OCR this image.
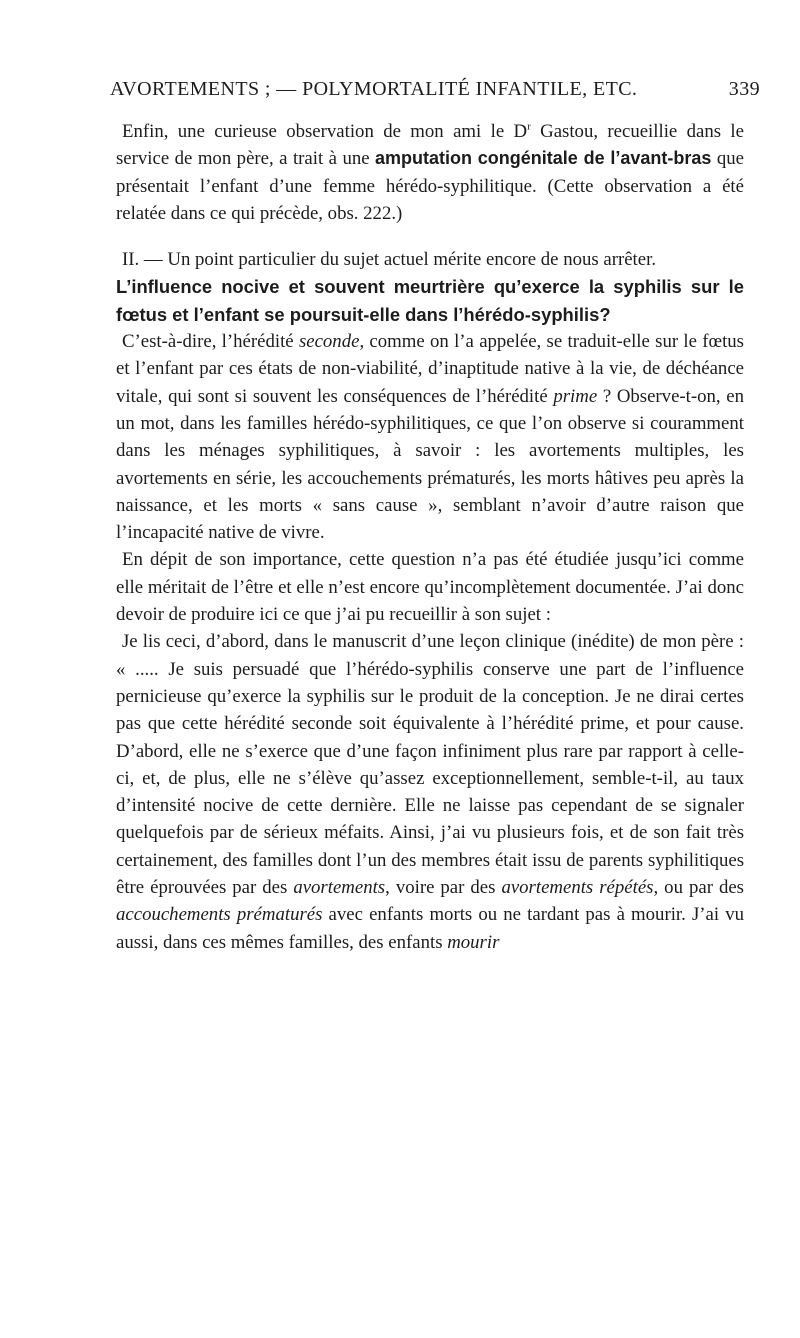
AVORTEMENTS ; — POLYMORTALITÉ INFANTILE, ETC.	339

Enfin, une curieuse observation de mon ami le $D^r$ Gastou, recueillie dans le service de mon père, a trait à une amputation congénitale de l’avant-bras que présentait l’enfant d’une femme hérédo-syphilitique. (Cette observation a été relatée dans ce qui précède, obs. 222.)

II. — Un point particulier du sujet actuel mérite encore de nous arrêter.

L’influence nocive et souvent meurtrière qu’exerce la syphilis sur le fœtus et l’enfant se poursuit-elle dans l’hérédo-syphilis?

C’est-à-dire, l’hérédité seconde, comme on l’a appelée, se traduit-elle sur le fœtus et l’enfant par ces états de non-viabilité, d’inaptitude native à la vie, de déchéance vitale, qui sont si souvent les conséquences de l’hérédité prime ? Observe-t-on, en un mot, dans les familles hérédo-syphilitiques, ce que l’on observe si couramment dans les ménages syphilitiques, à savoir : les avortements multiples, les avortements en série, les accouchements prématurés, les morts hâtives peu après la naissance, et les morts « sans cause », semblant n’avoir d’autre raison que l’incapacité native de vivre.

En dépit de son importance, cette question n’a pas été étudiée jusqu’ici comme elle méritait de l’être et elle n’est encore qu’incomplètement documentée. J’ai donc devoir de produire ici ce que j’ai pu recueillir à son sujet :

Je lis ceci, d’abord, dans le manuscrit d’une leçon clinique (inédite) de mon père : « ..... Je suis persuadé que l’hérédo-syphilis conserve une part de l’influence pernicieuse qu’exerce la syphilis sur le produit de la conception. Je ne dirai certes pas que cette hérédité seconde soit équivalente à l’hérédité prime, et pour cause. D’abord, elle ne s’exerce que d’une façon infiniment plus rare par rapport à celle-ci, et, de plus, elle ne s’élève qu’assez exceptionnellement, semble-t-il, au taux d’intensité nocive de cette dernière. Elle ne laisse pas cependant de se signaler quelquefois par de sérieux méfaits. Ainsi, j’ai vu plusieurs fois, et de son fait très certainement, des familles dont l’un des membres était issu de parents syphilitiques être éprouvées par des avortements, voire par des avortements répétés, ou par des accouchements prématurés avec enfants morts ou ne tardant pas à mourir. J’ai vu aussi, dans ces mêmes familles, des enfants mourir
